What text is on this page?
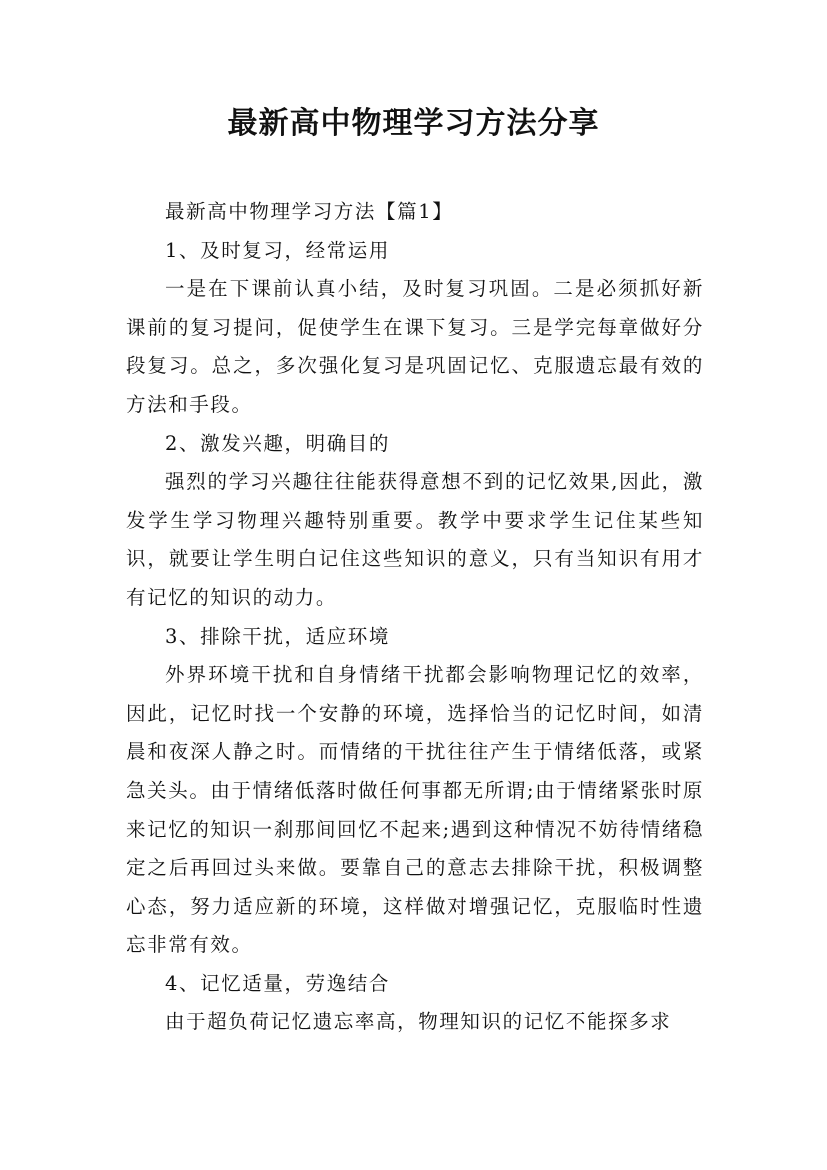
最新高中物理学习方法分享

最新高中物理学习方法【篇1】

1、及时复习，经常运用

一是在下课前认真小结，及时复习巩固。二是必须抓好新课前的复习提问，促使学生在课下复习。三是学完每章做好分段复习。总之，多次强化复习是巩固记忆、克服遗忘最有效的方法和手段。

2、激发兴趣，明确目的

强烈的学习兴趣往往能获得意想不到的记忆效果,因此，激发学生学习物理兴趣特别重要。教学中要求学生记住某些知识，就要让学生明白记住这些知识的意义，只有当知识有用才有记忆的知识的动力。

3、排除干扰，适应环境

外界环境干扰和自身情绪干扰都会影响物理记忆的效率，因此，记忆时找一个安静的环境，选择恰当的记忆时间，如清晨和夜深人静之时。而情绪的干扰往往产生于情绪低落，或紧急关头。由于情绪低落时做任何事都无所谓;由于情绪紧张时原来记忆的知识一刹那间回忆不起来;遇到这种情况不妨待情绪稳定之后再回过头来做。要靠自己的意志去排除干扰，积极调整心态，努力适应新的环境，这样做对增强记忆，克服临时性遗忘非常有效。

4、记忆适量，劳逸结合

由于超负荷记忆遗忘率高，物理知识的记忆不能探多求
